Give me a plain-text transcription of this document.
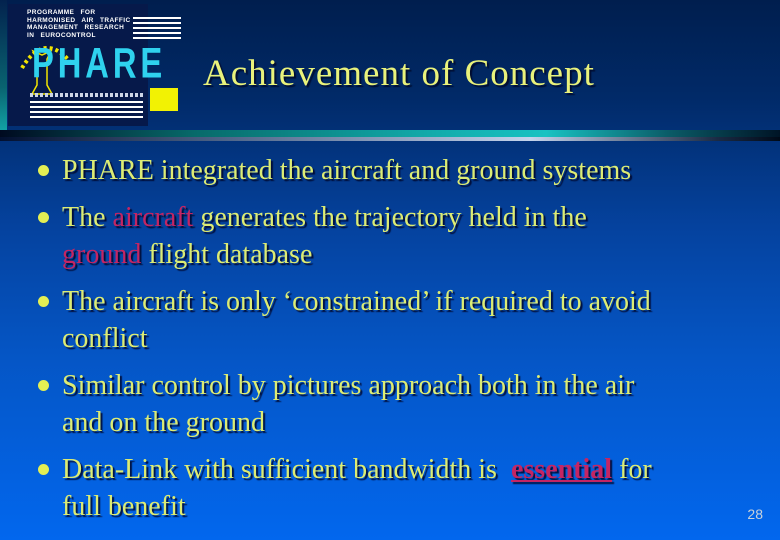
PROGRAMME FOR
HARMONISED AIR TRAFFIC
MANAGEMENT RESEARCH
IN EUROCONTROL
PHARE Achievement of Concept
PHARE integrated the aircraft and ground systems
The aircraft generates the trajectory held in the
ground flight database
The aircraft is only ‘constrained’ if required to avoid
conflict
Similar control by pictures approach both in the air
and on the ground
Data-Link with sufficient bandwidth is  essential for
full benefit	28
